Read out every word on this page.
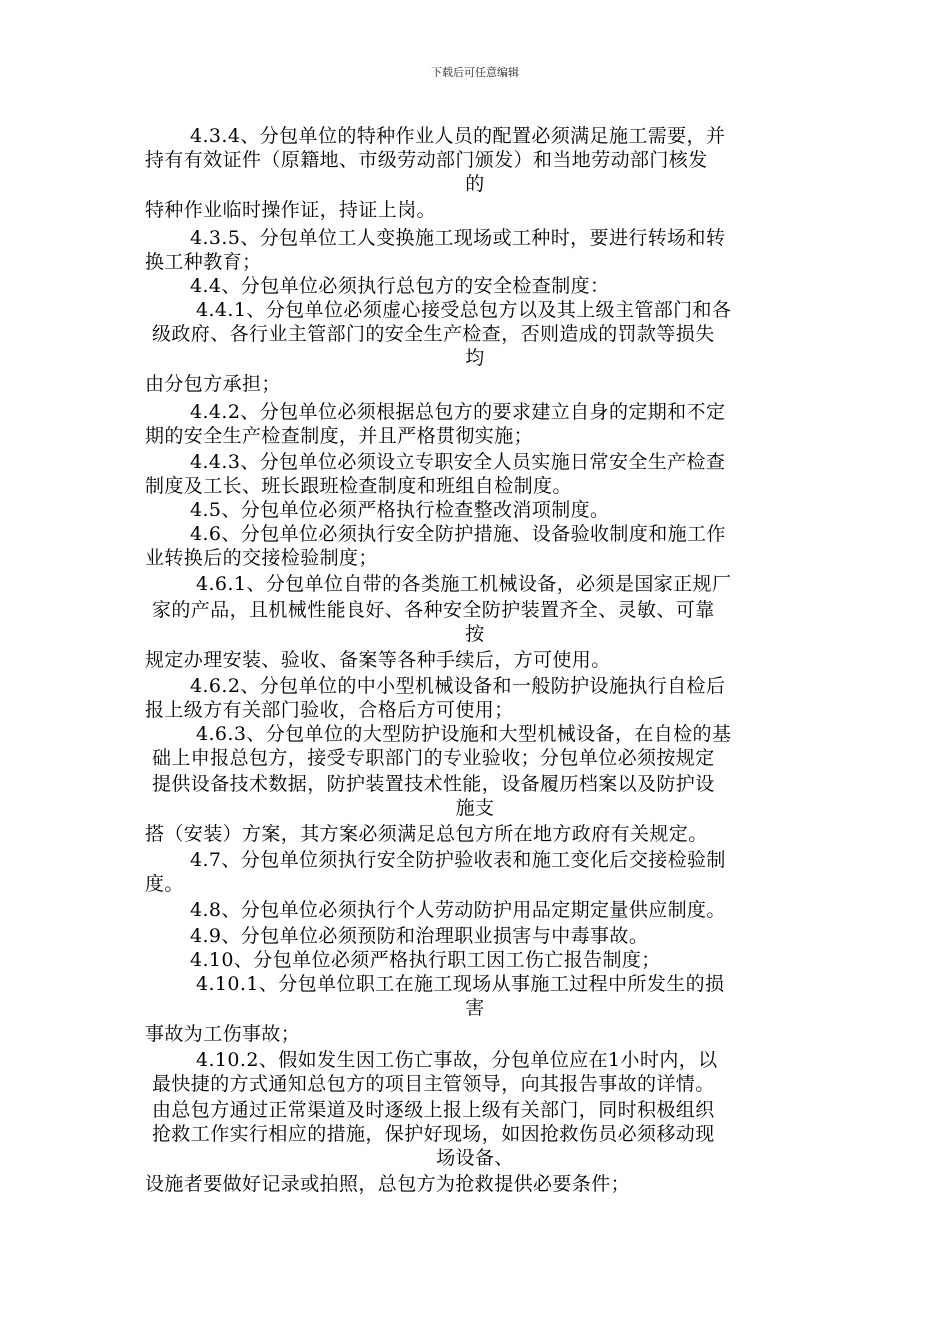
下载后可任意编辑
4.3.4、分包单位的特种作业人员的配置必须满足施工需要，并
持有有效证件（原籍地、市级劳动部门颁发）和当地劳动部门核发
的
特种作业临时操作证，持证上岗。
4.3.5、分包单位工人变换施工现场或工种时，要进行转场和转
换工种教育；
4.4、分包单位必须执行总包方的安全检查制度：
4.4.1、分包单位必须虚心接受总包方以及其上级主管部门和各
级政府、各行业主管部门的安全生产检查，否则造成的罚款等损失
均
由分包方承担；
4.4.2、分包单位必须根据总包方的要求建立自身的定期和不定
期的安全生产检查制度，并且严格贯彻实施；
4.4.3、分包单位必须设立专职安全人员实施日常安全生产检查
制度及工长、班长跟班检查制度和班组自检制度。
4.5、分包单位必须严格执行检查整改消项制度。
4.6、分包单位必须执行安全防护措施、设备验收制度和施工作
业转换后的交接检验制度；
4.6.1、分包单位自带的各类施工机械设备，必须是国家正规厂
家的产品，且机械性能良好、各种安全防护装置齐全、灵敏、可靠
按
规定办理安装、验收、备案等各种手续后，方可使用。
4.6.2、分包单位的中小型机械设备和一般防护设施执行自检后
报上级方有关部门验收，合格后方可使用；
4.6.3、分包单位的大型防护设施和大型机械设备，在自检的基
础上申报总包方，接受专职部门的专业验收；分包单位必须按规定
提供设备技术数据，防护装置技术性能，设备履历档案以及防护设
施支
搭（安装）方案，其方案必须满足总包方所在地方政府有关规定。
4.7、分包单位须执行安全防护验收表和施工变化后交接检验制
度。
4.8、分包单位必须执行个人劳动防护用品定期定量供应制度。
4.9、分包单位必须预防和治理职业损害与中毒事故。
4.10、分包单位必须严格执行职工因工伤亡报告制度；
4.10.1、分包单位职工在施工现场从事施工过程中所发生的损
害
事故为工伤事故；
4.10.2、假如发生因工伤亡事故，分包单位应在1小时内，以
最快捷的方式通知总包方的项目主管领导，向其报告事故的详情。
由总包方通过正常渠道及时逐级上报上级有关部门，同时积极组织
抢救工作实行相应的措施，保护好现场，如因抢救伤员必须移动现
场设备、
设施者要做好记录或拍照，总包方为抢救提供必要条件；
